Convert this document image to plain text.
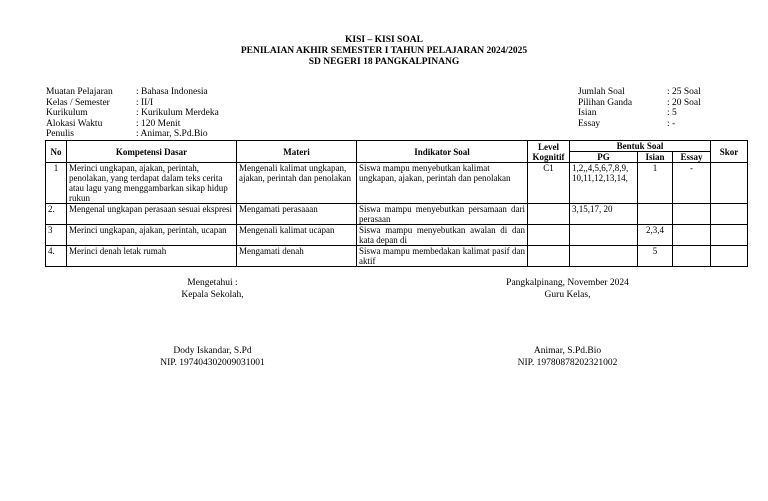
KISI – KISI SOAL
PENILAIAN AKHIR SEMESTER I TAHUN PELAJARAN 2024/2025
SD NEGERI 18 PANGKALPINANG
Muatan Pelajaran	: Bahasa Indonesia
Kelas / Semester	: II/I
Kurikulum	: Kurikulum Merdeka
Alokasi Waktu	: 120 Menit
Penulis	: Animar, S.Pd.Bio
Jumlah Soal	: 25 Soal
Pilihan Ganda	: 20 Soal
Isian	: 5
Essay	: -
No	Kompetensi Dasar	Materi	Indikator Soal	Level Kognitif	Bentuk Soal			Skor
					PG	Isian	Essay	
1	Merinci ungkapan, ajakan, perintah, penolakan, yang terdapat dalam teks cerita atau lagu yang menggambarkan sikap hidup rukun	Mengenali kalimat ungkapan, ajakan, perintah dan penolakan	Siswa mampu menyebutkan kalimat ungkapan, ajakan, perintah dan penolakan	C1	1,2,,4,5,6,7,8,9, 10,11,12,13,14,	1	-	
2.	Mengenal ungkapan perasaan sesuai ekspresi	Mengamati perasaaan	Siswa mampu menyebutkan persamaan dari perasaan		3,15,17, 20			
3	Merinci ungkapan, ajakan, perintah, ucapan	Mengenali kalimat ucapan	Siswa mampu menyebutkan awalan di dan kata depan di			2,3,4		
4.	Merinci denah letak rumah	Mengamati denah	Siswa mampu membedakan kalimat pasif dan aktif			5		
Mengetahui :
Kepala Sekolah,
Dody Iskandar, S.Pd
NIP. 197404302009031001
Pangkalpinang, November 2024
Guru Kelas,
Animar, S.Pd.Bio
NIP. 19780878202321002
